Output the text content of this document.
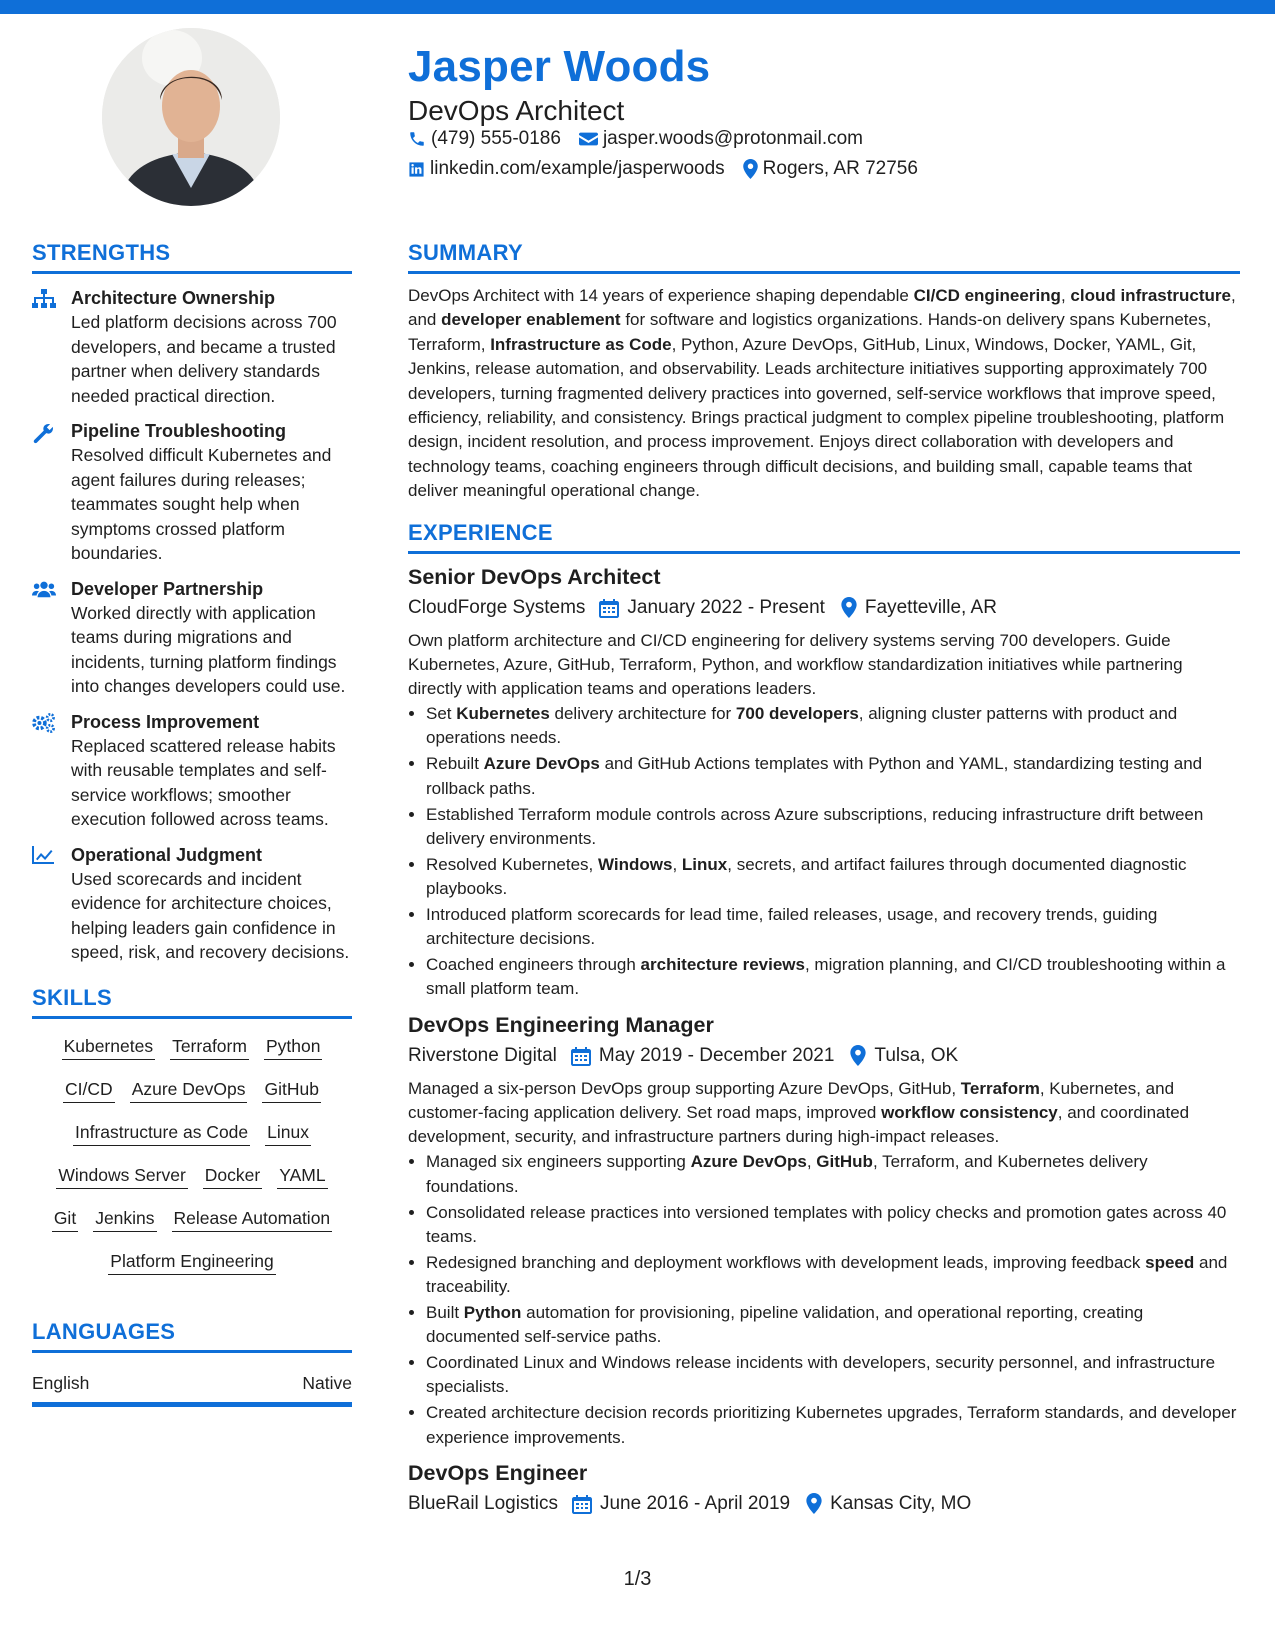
Jasper Woods
DevOps Architect
(479) 555-0186 jasper.woods@protonmail.com
linkedin.com/example/jasperwoods Rogers, AR 72756
STRENGTHS
Architecture Ownership
Led platform decisions across 700 developers, and became a trusted partner when delivery standards needed practical direction.
Pipeline Troubleshooting
Resolved difficult Kubernetes and agent failures during releases; teammates sought help when symptoms crossed platform boundaries.
Developer Partnership
Worked directly with application teams during migrations and incidents, turning platform findings into changes developers could use.
Process Improvement
Replaced scattered release habits with reusable templates and self-service workflows; smoother execution followed across teams.
Operational Judgment
Used scorecards and incident evidence for architecture choices, helping leaders gain confidence in speed, risk, and recovery decisions.
SKILLS
Kubernetes Terraform Python
CI/CD Azure DevOps GitHub
Infrastructure as Code Linux
Windows Server Docker YAML
Git Jenkins Release Automation
Platform Engineering
LANGUAGES
English	Native
SUMMARY

DevOps Architect with 14 years of experience shaping dependable CI/CD engineering, cloud infrastructure, and developer enablement for software and logistics organizations. Hands-on delivery spans Kubernetes, Terraform, Infrastructure as Code, Python, Azure DevOps, GitHub, Linux, Windows, Docker, YAML, Git, Jenkins, release automation, and observability. Leads architecture initiatives supporting approximately 700 developers, turning fragmented delivery practices into governed, self-service workflows that improve speed, efficiency, reliability, and consistency. Brings practical judgment to complex pipeline troubleshooting, platform design, incident resolution, and process improvement. Enjoys direct collaboration with developers and technology teams, coaching engineers through difficult decisions, and building small, capable teams that deliver meaningful operational change.

EXPERIENCE
Senior DevOps Architect
CloudForge Systems January 2022 - Present Fayetteville, AR

Own platform architecture and CI/CD engineering for delivery systems serving 700 developers. Guide Kubernetes, Azure, GitHub, Terraform, Python, and workflow standardization initiatives while partnering directly with application teams and operations leaders.

• Set Kubernetes delivery architecture for 700 developers, aligning cluster patterns with product and operations needs.
• Rebuilt Azure DevOps and GitHub Actions templates with Python and YAML, standardizing testing and rollback paths.
• Established Terraform module controls across Azure subscriptions, reducing infrastructure drift between delivery environments.
• Resolved Kubernetes, Windows, Linux, secrets, and artifact failures through documented diagnostic playbooks.
• Introduced platform scorecards for lead time, failed releases, usage, and recovery trends, guiding architecture decisions.
• Coached engineers through architecture reviews, migration planning, and CI/CD troubleshooting within a small platform team.
DevOps Engineering Manager
Riverstone Digital May 2019 - December 2021 Tulsa, OK

Managed a six-person DevOps group supporting Azure DevOps, GitHub, Terraform, Kubernetes, and customer-facing application delivery. Set road maps, improved workflow consistency, and coordinated development, security, and infrastructure partners during high-impact releases.

• Managed six engineers supporting Azure DevOps, GitHub, Terraform, and Kubernetes delivery foundations.
• Consolidated release practices into versioned templates with policy checks and promotion gates across 40 teams.
• Redesigned branching and deployment workflows with development leads, improving feedback speed and traceability.
• Built Python automation for provisioning, pipeline validation, and operational reporting, creating documented self-service paths.
• Coordinated Linux and Windows release incidents with developers, security personnel, and infrastructure specialists.
• Created architecture decision records prioritizing Kubernetes upgrades, Terraform standards, and developer experience improvements.
DevOps Engineer
BlueRail Logistics June 2016 - April 2019 Kansas City, MO
1/3
